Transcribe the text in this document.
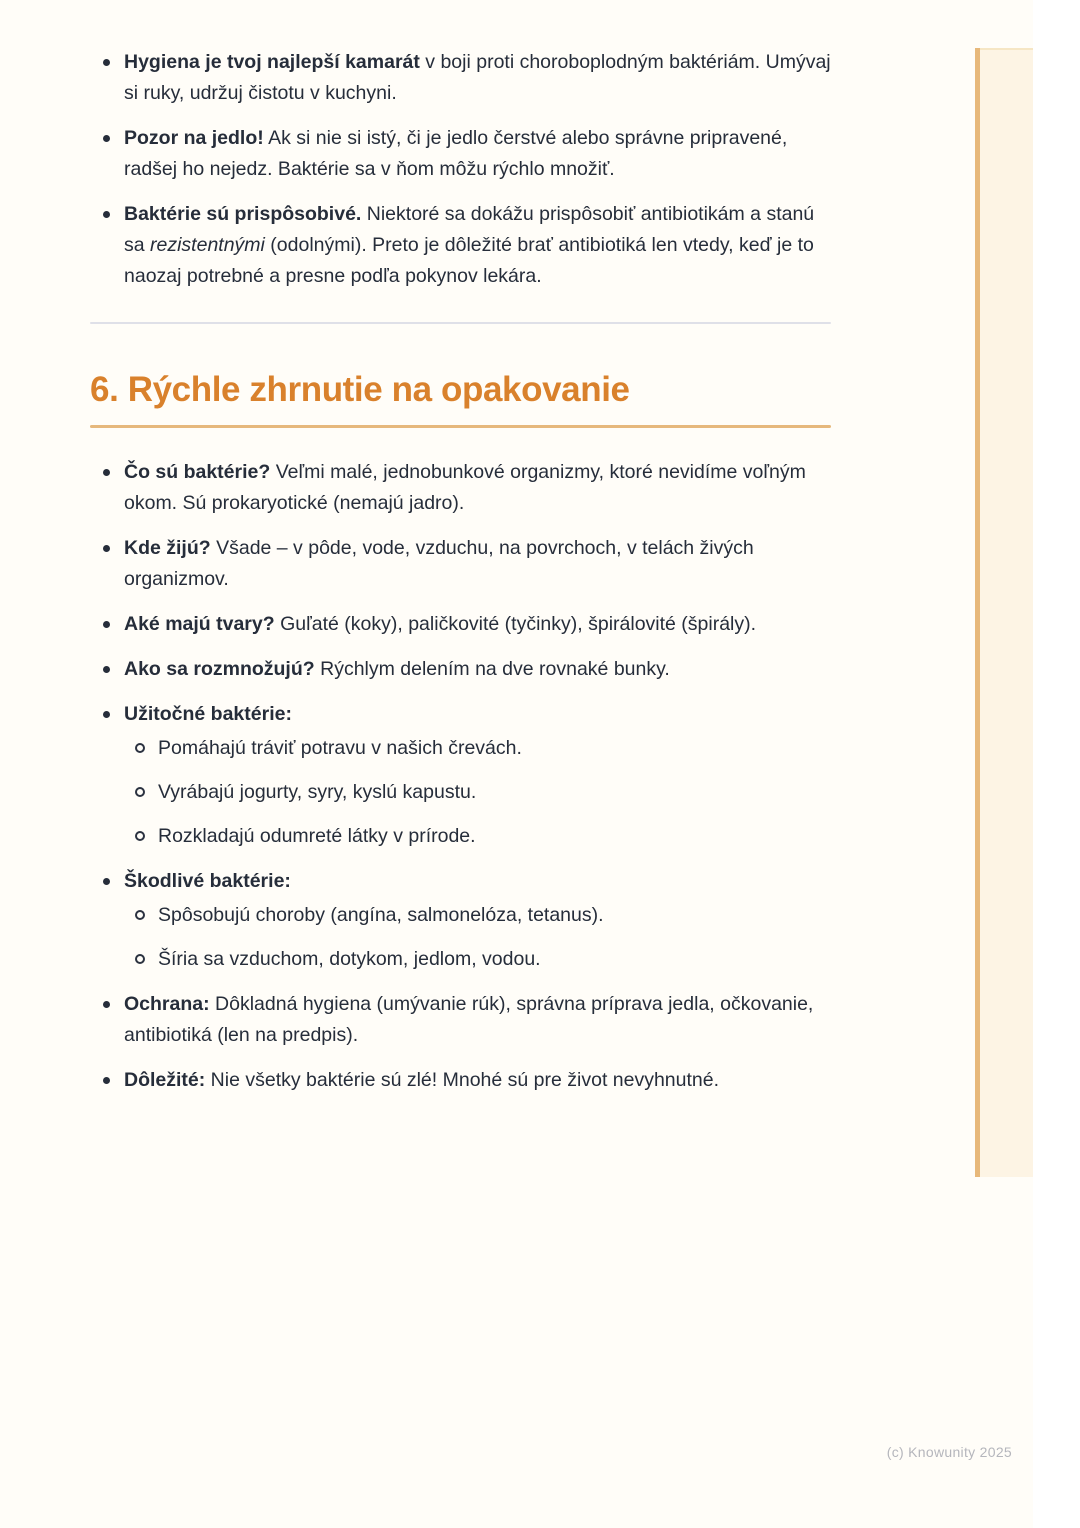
Hygiena je tvoj najlepší kamarát v boji proti choroboplodným baktériám. Umývaj si ruky, udržuj čistotu v kuchyni.
Pozor na jedlo! Ak si nie si istý, či je jedlo čerstvé alebo správne pripravené, radšej ho nejedz. Baktérie sa v ňom môžu rýchlo množiť.
Baktérie sú prispôsobivé. Niektoré sa dokážu prispôsobiť antibiotikám a stanú sa rezistentnými (odolnými). Preto je dôležité brať antibiotiká len vtedy, keď je to naozaj potrebné a presne podľa pokynov lekára.
6. Rýchle zhrnutie na opakovanie
Čo sú baktérie? Veľmi malé, jednobunkové organizmy, ktoré nevidíme voľným okom. Sú prokaryotické (nemajú jadro).
Kde žijú? Všade – v pôde, vode, vzduchu, na povrchoch, v telách živých organizmov.
Aké majú tvary? Guľaté (koky), paličkovité (tyčinky), špirálovité (špirály).
Ako sa rozmnožujú? Rýchlym delením na dve rovnaké bunky.
Užitočné baktérie:
Pomáhajú tráviť potravu v našich črevách.
Vyrábajú jogurty, syry, kyslú kapustu.
Rozkladajú odumreté látky v prírode.
Škodlivé baktérie:
Spôsobujú choroby (angína, salmonelóza, tetanus).
Šíria sa vzduchom, dotykom, jedlom, vodou.
Ochrana: Dôkladná hygiena (umývanie rúk), správna príprava jedla, očkovanie, antibiotiká (len na predpis).
Dôležité: Nie všetky baktérie sú zlé! Mnohé sú pre život nevyhnutné.
(c) Knowunity 2025
